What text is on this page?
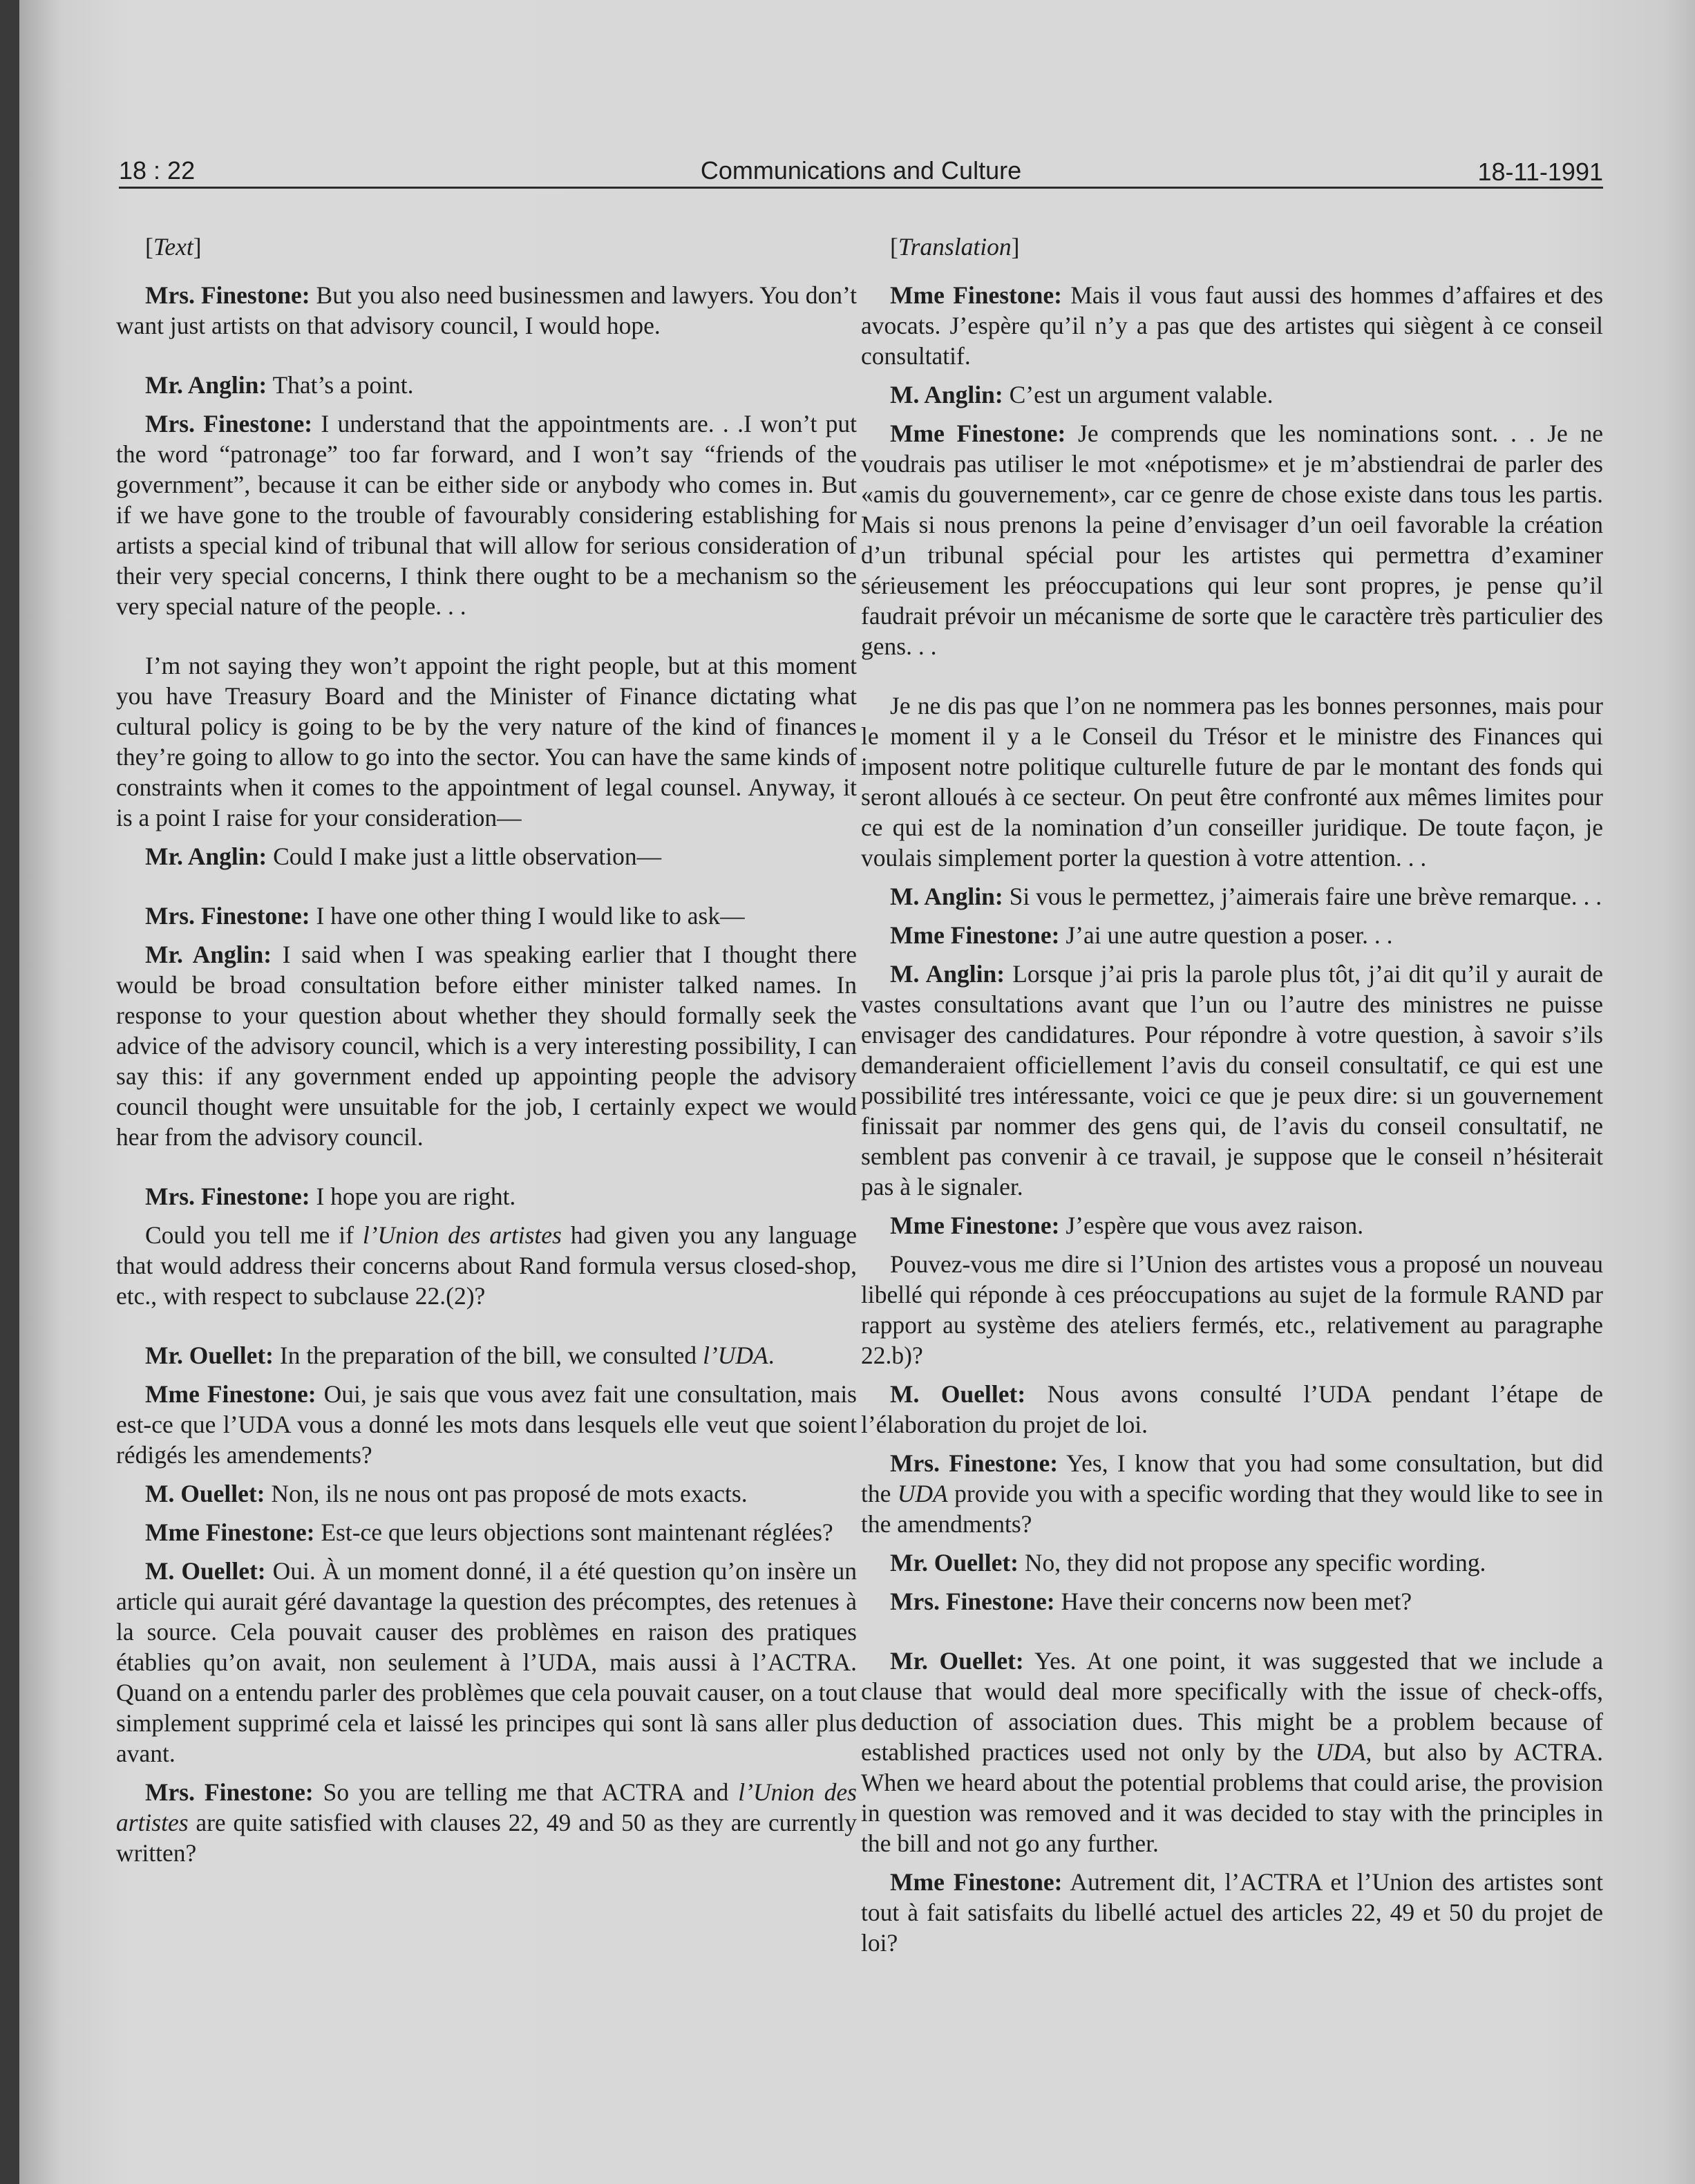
18 : 22	Communications and Culture	18-11-1991
[Text]

Mrs. Finestone: But you also need businessmen and lawyers. You don’t want just artists on that advisory council, I would hope.

Mr. Anglin: That’s a point.

Mrs. Finestone: I understand that the appointments are. . .I won’t put the word “patronage” too far forward, and I won’t say “friends of the government”, because it can be either side or anybody who comes in. But if we have gone to the trouble of favourably considering establishing for artists a special kind of tribunal that will allow for serious consideration of their very special concerns, I think there ought to be a mechanism so the very special nature of the people. . .

I’m not saying they won’t appoint the right people, but at this moment you have Treasury Board and the Minister of Finance dictating what cultural policy is going to be by the very nature of the kind of finances they’re going to allow to go into the sector. You can have the same kinds of constraints when it comes to the appointment of legal counsel. Anyway, it is a point I raise for your consideration—

Mr. Anglin: Could I make just a little observation—

Mrs. Finestone: I have one other thing I would like to ask—

Mr. Anglin: I said when I was speaking earlier that I thought there would be broad consultation before either minister talked names. In response to your question about whether they should formally seek the advice of the advisory council, which is a very interesting possibility, I can say this: if any government ended up appointing people the advisory council thought were unsuitable for the job, I certainly expect we would hear from the advisory council.

Mrs. Finestone: I hope you are right.

Could you tell me if l’Union des artistes had given you any language that would address their concerns about Rand formula versus closed-shop, etc., with respect to subclause 22.(2)?

Mr. Ouellet: In the preparation of the bill, we consulted l’UDA.

Mme Finestone: Oui, je sais que vous avez fait une consultation, mais est-ce que l’UDA vous a donné les mots dans lesquels elle veut que soient rédigés les amendements?

M. Ouellet: Non, ils ne nous ont pas proposé de mots exacts.

Mme Finestone: Est-ce que leurs objections sont maintenant réglées?

M. Ouellet: Oui. À un moment donné, il a été question qu’on insère un article qui aurait géré davantage la question des précomptes, des retenues à la source. Cela pouvait causer des problèmes en raison des pratiques établies qu’on avait, non seulement à l’UDA, mais aussi à l’ACTRA. Quand on a entendu parler des problèmes que cela pouvait causer, on a tout simplement supprimé cela et laissé les principes qui sont là sans aller plus avant.

Mrs. Finestone: So you are telling me that ACTRA and l’Union des artistes are quite satisfied with clauses 22, 49 and 50 as they are currently written?

[Translation]

Mme Finestone: Mais il vous faut aussi des hommes d’affaires et des avocats. J’espère qu’il n’y a pas que des artistes qui siègent à ce conseil consultatif.

M. Anglin: C’est un argument valable.

Mme Finestone: Je comprends que les nominations sont. . . Je ne voudrais pas utiliser le mot «népotisme» et je m’abstiendrai de parler des «amis du gouvernement», car ce genre de chose existe dans tous les partis. Mais si nous prenons la peine d’envisager d’un oeil favorable la création d’un tribunal spécial pour les artistes qui permettra d’examiner sérieusement les préoccupations qui leur sont propres, je pense qu’il faudrait prévoir un mécanisme de sorte que le caractère très particulier des gens. . .

Je ne dis pas que l’on ne nommera pas les bonnes personnes, mais pour le moment il y a le Conseil du Trésor et le ministre des Finances qui imposent notre politique culturelle future de par le montant des fonds qui seront alloués à ce secteur. On peut être confronté aux mêmes limites pour ce qui est de la nomination d’un conseiller juridique. De toute façon, je voulais simplement porter la question à votre attention. . .

M. Anglin: Si vous le permettez, j’aimerais faire une brève remarque. . .

Mme Finestone: J’ai une autre question a poser. . .

M. Anglin: Lorsque j’ai pris la parole plus tôt, j’ai dit qu’il y aurait de vastes consultations avant que l’un ou l’autre des ministres ne puisse envisager des candidatures. Pour répondre à votre question, à savoir s’ils demanderaient officiellement l’avis du conseil consultatif, ce qui est une possibilité tres intéressante, voici ce que je peux dire: si un gouvernement finissait par nommer des gens qui, de l’avis du conseil consultatif, ne semblent pas convenir à ce travail, je suppose que le conseil n’hésiterait pas à le signaler.

Mme Finestone: J’espère que vous avez raison.

Pouvez-vous me dire si l’Union des artistes vous a proposé un nouveau libellé qui réponde à ces préoccupations au sujet de la formule RAND par rapport au système des ateliers fermés, etc., relativement au paragraphe 22.b)?

M. Ouellet: Nous avons consulté l’UDA pendant l’étape de l’élaboration du projet de loi.

Mrs. Finestone: Yes, I know that you had some consultation, but did the UDA provide you with a specific wording that they would like to see in the amendments?

Mr. Ouellet: No, they did not propose any specific wording.

Mrs. Finestone: Have their concerns now been met?

Mr. Ouellet: Yes. At one point, it was suggested that we include a clause that would deal more specifically with the issue of check-offs, deduction of association dues. This might be a problem because of established practices used not only by the UDA, but also by ACTRA. When we heard about the potential problems that could arise, the provision in question was removed and it was decided to stay with the principles in the bill and not go any further.

Mme Finestone: Autrement dit, l’ACTRA et l’Union des artistes sont tout à fait satisfaits du libellé actuel des articles 22, 49 et 50 du projet de loi?
